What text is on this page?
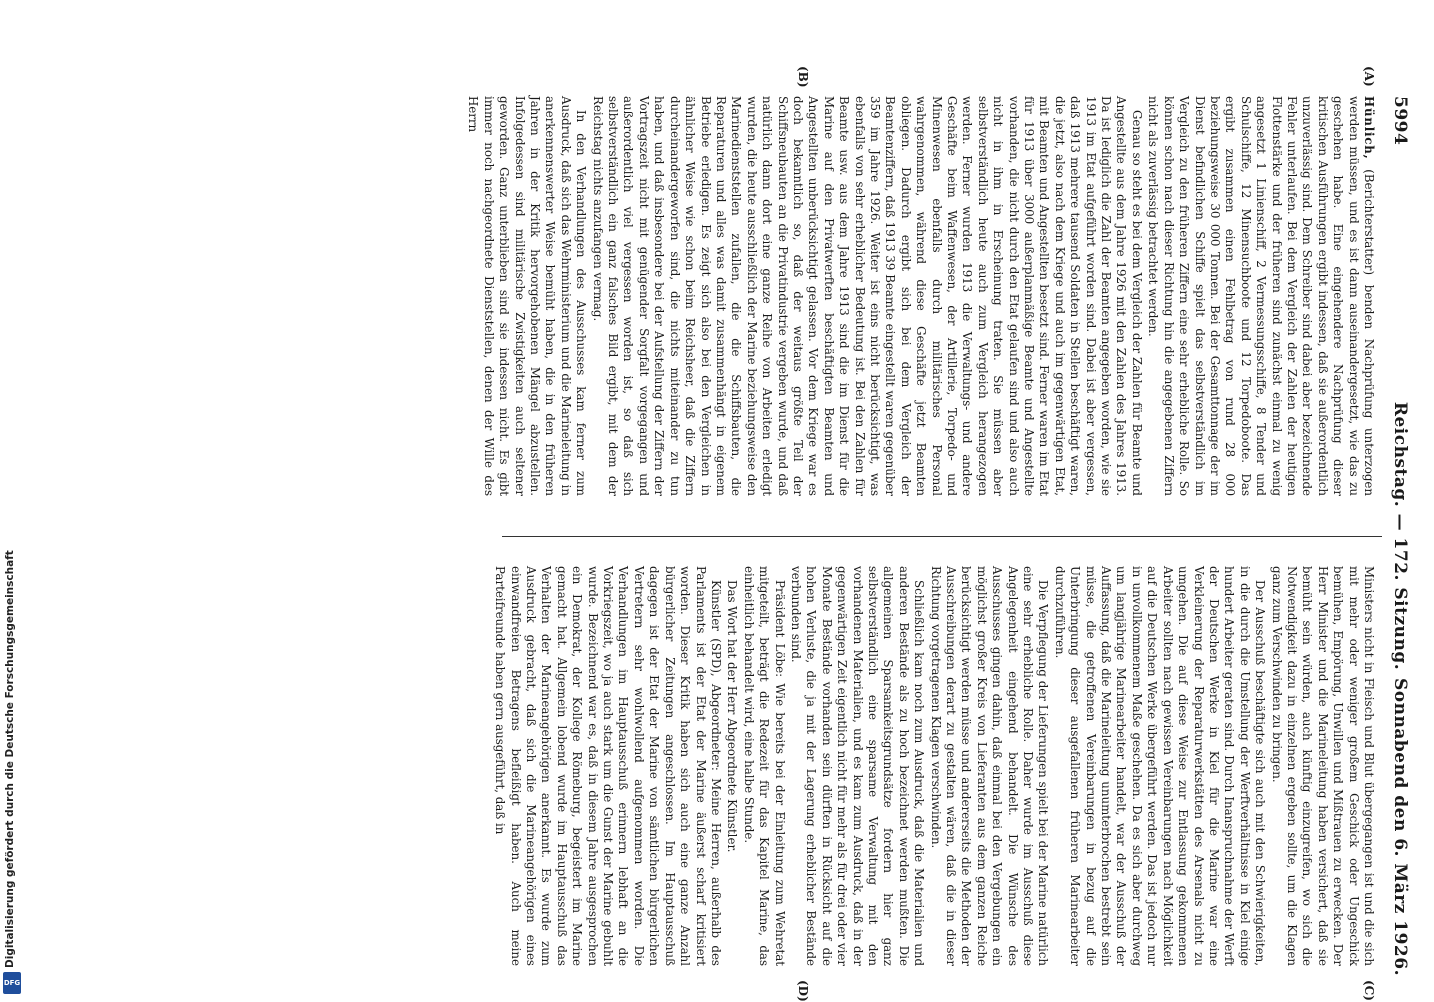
Digitalisierung gefördert durch die Deutsche Forschungsgemeinschaft
DFG
5994
Reichstag. — 172. Sitzung.
Sonnabend den 6. März 1926.
(A)
(B)
(C)
(D)

Hünlich, (Berichterstatter) benden Nachprüfung unterzogen werden müssen, und es ist dann auseinandergesetzt, wie das zu geschehen habe. Eine eingehendere Nachprüfung dieser kritischen Ausführungen ergibt indessen, daß sie außerordentlich unzuverlässig sind. Dem Schreiber sind dabei aber bezeichnende Fehler unterlaufen. Bei dem Vergleich der Zahlen der heutigen Flottenstärke und der früheren sind zunächst einmal zu wenig angesetzt 1 Linienschiff, 2 Vermessungsschiffe, 8 Tender und Schulschiffe, 12 Minensuchboote und 12 Torpedoboote. Das ergibt zusammen einen Fehlbetrag von rund 28 000 beziehungsweise 30 000 Tonnen. Bei der Gesamttonnage der im Dienst befindlichen Schiffe spielt das selbstverständlich im Vergleich zu den früheren Ziffern eine sehr erhebliche Rolle. So können schon nach dieser Richtung hin die angegebenen Ziffern nicht als zuverlässig betrachtet werden.

Genau so steht es bei dem Vergleich der Zahlen für Beamte und Angestellte aus dem Jahre 1926 mit den Zahlen des Jahres 1913. Da ist lediglich die Zahl der Beamten angegeben worden, wie sie 1913 im Etat aufgeführt worden sind. Dabei ist aber vergessen, daß 1913 mehrere tausend Soldaten in Stellen beschäftigt waren, die jetzt, also nach dem Kriege und auch im gegenwärtigen Etat, mit Beamten und Angestellten besetzt sind. Ferner waren im Etat für 1913 über 3000 außerplanmäßige Beamte und Angestellte vorhanden, die nicht durch den Etat gelaufen sind und also auch nicht in ihm in Erscheinung traten. Sie müssen aber selbstverständlich heute auch zum Vergleich herangezogen werden. Ferner wurden 1913 die Verwaltungs- und andere Geschäfte beim Waffenwesen, der Artillerie, Torpedo- und Minenwesen ebenfalls durch militärisches Personal wahrgenommen, während diese Geschäfte jetzt Beamten obliegen. Dadurch ergibt sich bei dem Vergleich der Beamtenziffern, daß 1913 39 Beamte eingestellt waren gegenüber 359 im Jahre 1926. Weiter ist eins nicht berücksichtigt, was ebenfalls von sehr erheblicher Bedeutung ist. Bei den Zahlen für Beamte usw. aus dem Jahre 1913 sind die im Dienst für die Marine auf den Privatwerften beschäftigten Beamten und Angestellten unberücksichtigt gelassen. Vor dem Kriege war es doch bekanntlich so, daß der weitaus größte Teil der Schiffsneubauten an die Privatindustrie vergeben wurde, und daß natürlich dann dort eine ganze Reihe von Arbeiten erledigt wurden, die heute ausschließlich der Marine beziehungsweise den Marinedienststellen zufallen, die die Schiffsbauten, die Reparaturen und alles was damit zusammenhängt in eigenem Betriebe erledigen. Es zeigt sich also bei den Vergleichen in ähnlicher Weise wie schon beim Reichsheer, daß die Ziffern durcheinandergeworfen sind, die nichts miteinander zu tun haben, und daß insbesondere bei der Aufstellung der Ziffern der Vortragszeit nicht mit genügender Sorgfalt vorgegangen und außerordentlich viel vergessen worden ist, so daß sich selbstverständlich ein ganz falsches Bild ergibt, mit dem der Reichstag nichts anzufangen vermag.

In den Verhandlungen des Ausschusses kam ferner zum Ausdruck, daß sich das Wehrministerium und die Marineleitung in anerkennenswerter Weise bemüht haben, die in den früheren Jahren in der Kritik hervorgehobenen Mängel abzustellen. Infolgedessen sind militärische Zwistigkeiten auch seltener geworden. Ganz unterblieben sind sie indessen nicht. Es gibt immer noch nachgeordnete Dienststellen, denen der Wille des Herrn

Ministers nicht in Fleisch und Blut übergegangen ist und die sich mit mehr oder weniger großem Geschick oder Ungeschick bemühen, Empörung, Unwillen und Mißtrauen zu erwecken. Der Herr Minister und die Marineleitung haben versichert, daß sie bemüht sein würden, auch künftig einzugreifen, wo sich die Notwendigkeit dazu in einzelnen ergeben sollte, um die Klagen ganz zum Verschwinden zu bringen.

Der Ausschuß beschäftigte sich auch mit den Schwierigkeiten, in die durch die Umstellung der Werftverhältnisse in Kiel einige hundert Arbeiter geraten sind. Durch Inanspruchnahme der Werft der Deutschen Werke in Kiel für die Marine war eine Verkleinerung der Reparaturwerkstätten des Arsenals nicht zu umgehen. Die auf diese Weise zur Entlassung gekommenen Arbeiter sollten nach gewissen Vereinbarungen nach Möglichkeit auf die Deutschen Werke übergeführt werden. Das ist jedoch nur in unvollkommenem Maße geschehen. Da es sich aber durchweg um langjährige Marinearbeiter handelt, war der Ausschuß der Auffassung, daß die Marineleitung unumterbrochen bestrebt sein müsse, die getroffenen Vereinbarungen in bezug auf die Unterbringung dieser ausgefallenen früheren Marinearbeiter durchzuführen.

Die Verpflegung der Lieferungen spielt bei der Marine natürlich eine sehr erhebliche Rolle. Daher wurde im Ausschuß diese Angelegenheit eingehend behandelt. Die Wünsche des Ausschusses gingen dahin, daß einmal bei den Vergebungen ein möglichst großer Kreis von Lieferanten aus dem ganzen Reiche berücksichtigt werden müsse und andererseits die Methoden der Ausschreibungen derart zu gestalten wären, daß die in dieser Richtung vorgetragenen Klagen verschwinden.

Schließlich kam noch zum Ausdruck, daß die Materialien und anderen Bestände als zu hoch bezeichnet werden mußten. Die allgemeinen Sparsamkeitsgrundsätze fordern hier ganz selbstverständlich eine sparsame Verwaltung mit den vorhandenen Materialien, und es kam zum Ausdruck, daß in der gegenwärtigen Zeit eigentlich nicht für mehr als für drei oder vier Monate Bestände vorhanden sein dürften in Rücksicht auf die hohen Verluste, die ja mit der Lagerung erheblicher Bestände verbunden sind.

Präsident Löbe: Wie bereits bei der Einleitung zum Wehretat mitgeteilt, beträgt die Redezeit für das Kapitel Marine, das einheitlich behandelt wird, eine halbe Stunde.

Das Wort hat der Herr Abgeordnete Künstler.

Künstler (SPD), Abgeordneter: Meine Herren, außerhalb des Parlaments ist der Etat der Marine äußerst scharf kritisiert worden. Dieser Kritik haben sich auch eine ganze Anzahl bürgerlicher Zeitungen angeschlossen. Im Hauptausschuß dagegen ist der Etat der Marine von sämtlichen bürgerlichen Vertretern sehr wohlwollend aufgenommen worden. Die Verhandlungen im Hauptausschuß erinnern lebhaft an die Vorkriegszeit, wo ja auch stark um die Gunst der Marine gebuhlt wurde. Bezeichnend war es, daß in diesem Jahre ausgesprochen ein Demokrat, der Kollege Römeburg, begeistert im Marine gemacht hat. Allgemein lobend wurde im Hauptausschuß das Verhalten der Marineangehörigen anerkannt. Es wurde zum Ausdruck gebracht, daß sich die Marineangehörigen eines einwandfreien Betragens befleißigt haben. Auch meine Parteifreunde haben gern ausgeführt, daß in
